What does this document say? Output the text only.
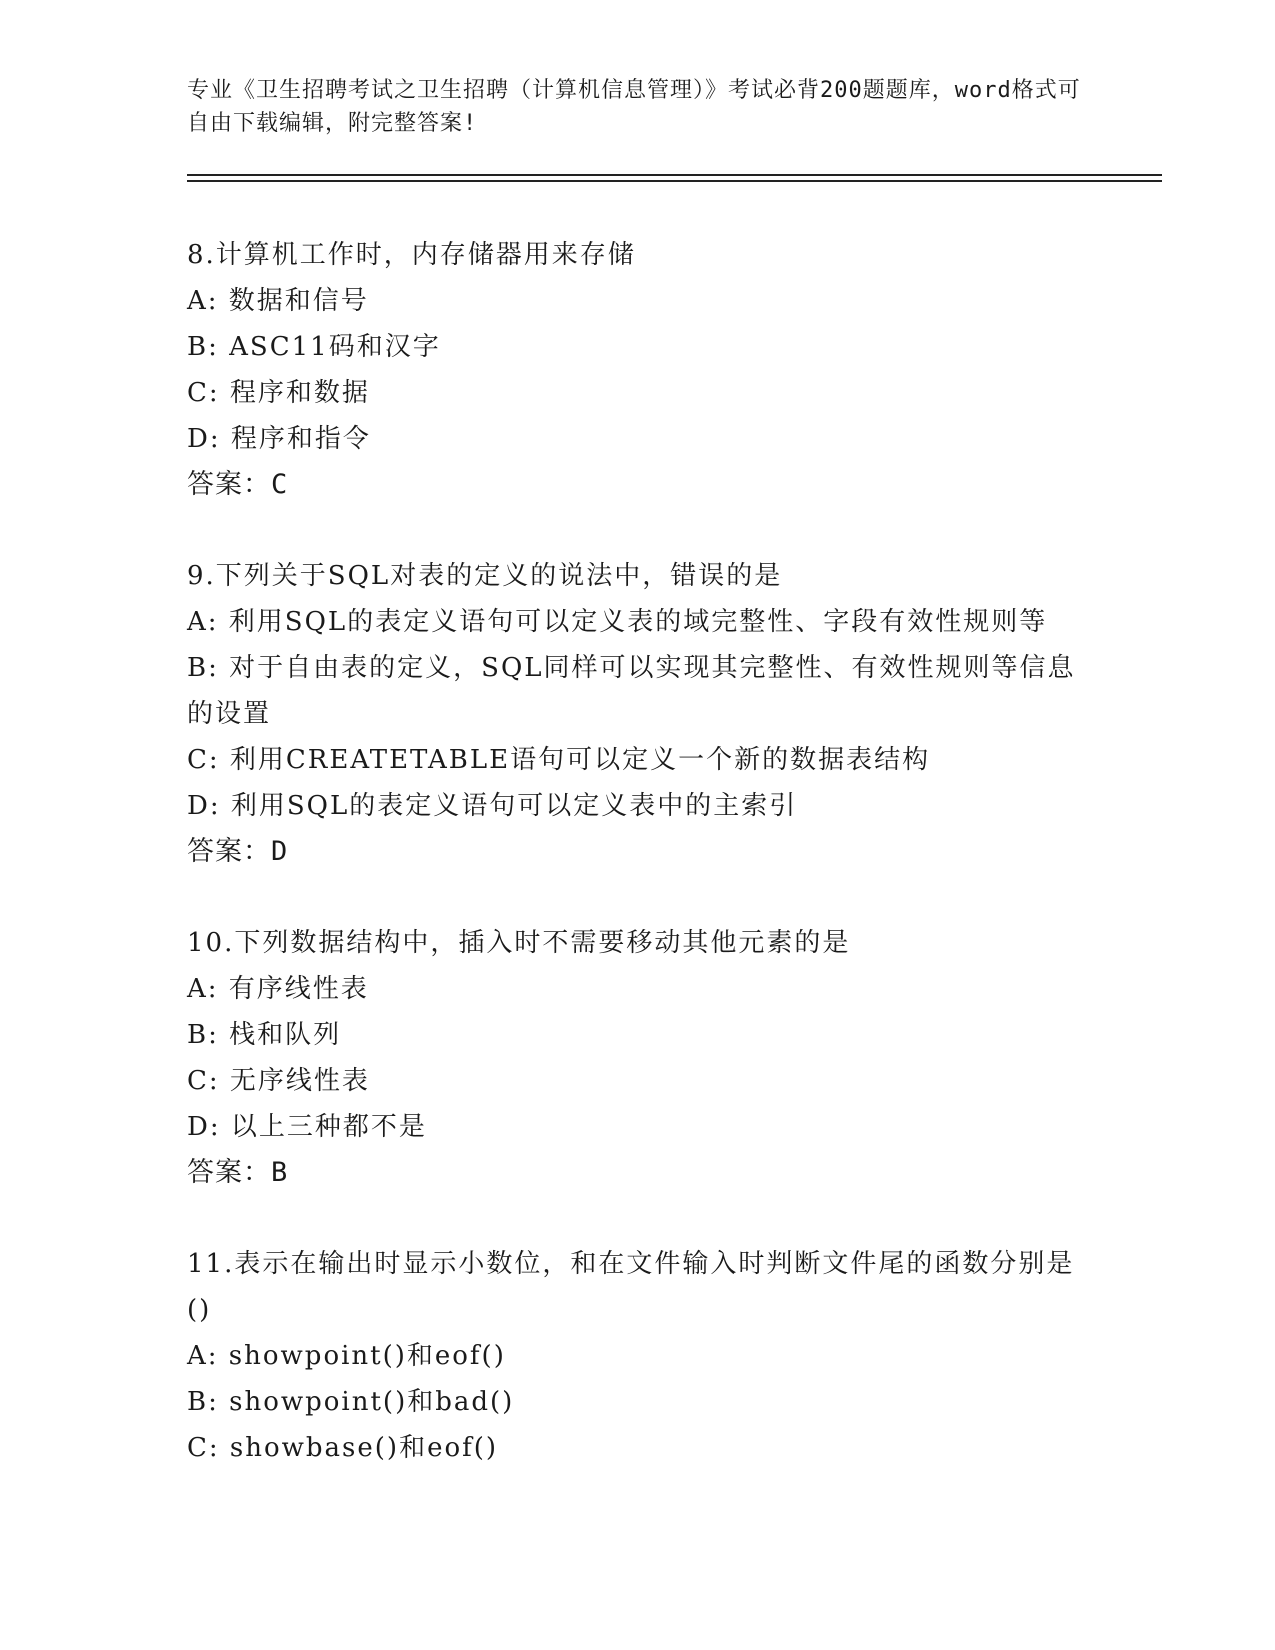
专业《卫生招聘考试之卫生招聘（计算机信息管理）》考试必背200题题库，word格式可自由下载编辑，附完整答案!

8.计算机工作时，内存储器用来存储

A: 数据和信号

B: ASC11码和汉字

C: 程序和数据

D: 程序和指令

答案：C

9.下列关于SQL对表的定义的说法中，错误的是

A: 利用SQL的表定义语句可以定义表的域完整性、字段有效性规则等

B: 对于自由表的定义，SQL同样可以实现其完整性、有效性规则等信息的设置

C: 利用CREATETABLE语句可以定义一个新的数据表结构

D: 利用SQL的表定义语句可以定义表中的主索引

答案：D

10.下列数据结构中，插入时不需要移动其他元素的是

A: 有序线性表

B: 栈和队列

C: 无序线性表

D: 以上三种都不是

答案：B

11.表示在输出时显示小数位，和在文件输入时判断文件尾的函数分别是()

A: showpoint()和eof()

B: showpoint()和bad()

C: showbase()和eof()
